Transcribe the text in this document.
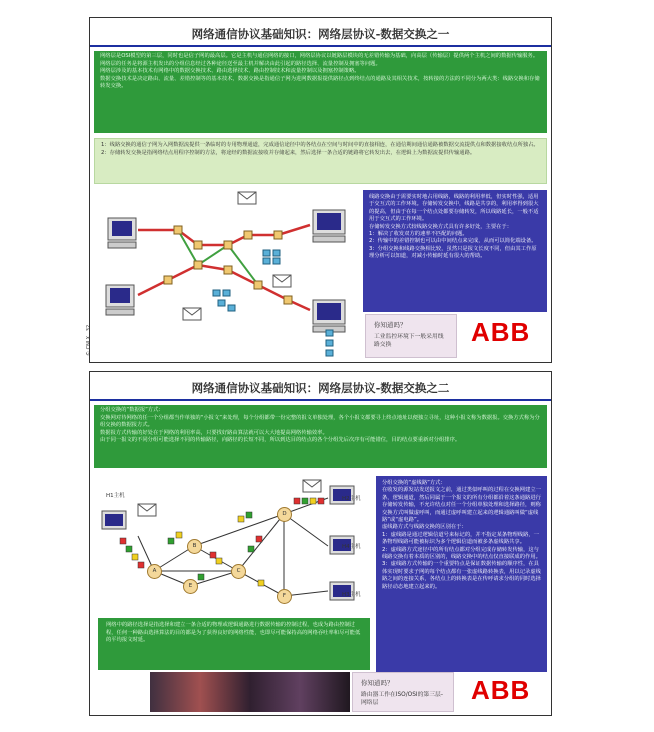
网络通信协议基础知识：网络层协议-数据交换之一

网络层是OSI模型的第三层，同时也是信子网的最高层。它是主机与通信网络的接口，网络层协议以链路层模块的无差错传输为基础，向高层（传输层）提供两个主机之间的数据传输服务。网络层的任务是将源主机发出的分组信息经过各种途径送至最主机并解决由此引起的路径选择、流量控制及拥塞等问题。

网络层涉及的基本技术有网络中的数据交换技术、路由选择技术、路由控制技术和流量控制以及拥塞控制策略。

数据交换技术是决定路由、流量、差错控制等的基本技术，数据交换是指通信子网为进网数据报提供路径点到终结点的通路及其相关技术，按转接的方法的不同分为两大类：线路交换和存储转发交换。

1：线路交换的通信子网为入网数据流提供一条临时的专用物理通道，完成通信途径中的各结点在空间与时间中的直接相连，在通信期间通信通路被数据交流提供点和数据接收结点所独占。

2：存储转发交换是指网络结点用程序控制的方法，将途经的数据流接收并存储起来，然后选择一条合适的链路将它转发出去，在逻辑上为数据流提供传输通路。

© CNLX . 32

线路交换由于需要实时地占用线路，线路的利用率低，但实时性强，适用于交互式的工作环境。存储转发交换中，线路是共享的，利用率得到很大的提高，但由于在每一个结点处都要存储转发，所以线路延长，一般不适用于交互式的工作环境。

存储转发交换方式较线路交换方式具有许多好处，主要在于：

1：解决了收发双方的速率不匹配的问题。

2：传输中的差错控制也可以由中间结点来完成，从而可以简化端设备。

3：分组交换和线路交换相比较，虽然只是报文长度不同，但由其工作原理分析可以知道，对减小传输时延有很大的帮助。

你知道吗？
工业监控环境下一般采用线路交换	ABB
网络通信协议基础知识：网络层协议-数据交换之二

分组交换的“数据报”方式：

交换网对待网络的任一个分组都当作单独的“小报文”来处理，每个分组都带一份完整的报文单独处理，各个小报文都要寻上终点地址以便独立寻址，这种小报文称为数据报。交换方式称为分组交换的数据报方式。

数据报方式传输的好处在于网络的利用率高，只要找好路由算法就可以大大地提高网络传输效率。

由于同一报文的不同分组可能选择不同的传输路径，向路径的长短不同，所以到达目的结点的各个分组先后次序有可能错位，目的结点要重新对分组排序。

H1主机	H2主机
H4主机
H3主机
A
B
C
D
E
F
网络中的路径选择是指选择和建立一条合适的物理或逻辑通路进行数据传输的控制过程，也成为路由控制过程，任何一种路由选择算法的目的都是为了获得良好的网络性能，也即尽可能保持高的网络吞吐率和尽可能低的平均报文时延。

分组交换的“虚线路”方式：

在收发的源发站发送报文之前，通过类似呼叫的过程在交换网建立一条，逻辑通道，然后同属于一个报文的所有分组都沿着这条通路进行存储转发传输，不允许结点对任一个分组单独处理和选择路径，则称交换方式叫做虚呼叫，而通过虚呼叫建立起来的逻辑通路叫做“虚线路”或“虚电路”。

虚线路方式与线路交换的区别在于：

1：虚线路是通过逻辑信道号来标记的，并不指定某条物理线路，一条物理线路可能被标识为多个逻辑信道而被多条虚线路共享。

2：虚线路方式途径中的所有结点都对分组完成存储转发传输，这与线路交换有着本质的区别的，线路交换中的结点仅直接联成的作用。

3：虚线路方式传输的一个重要特点是保证数据传输的顺序性，在具体实现时要求子网的每个结点都有一张虚线路转换表，用以记录虚线路之间的连接关系，各结点上的转换表是在传呼请求分组的同时选择路径动态地建立起来的。

你知道吗？
路由器工作在ISO/OSI的第三层-网络层	ABB
